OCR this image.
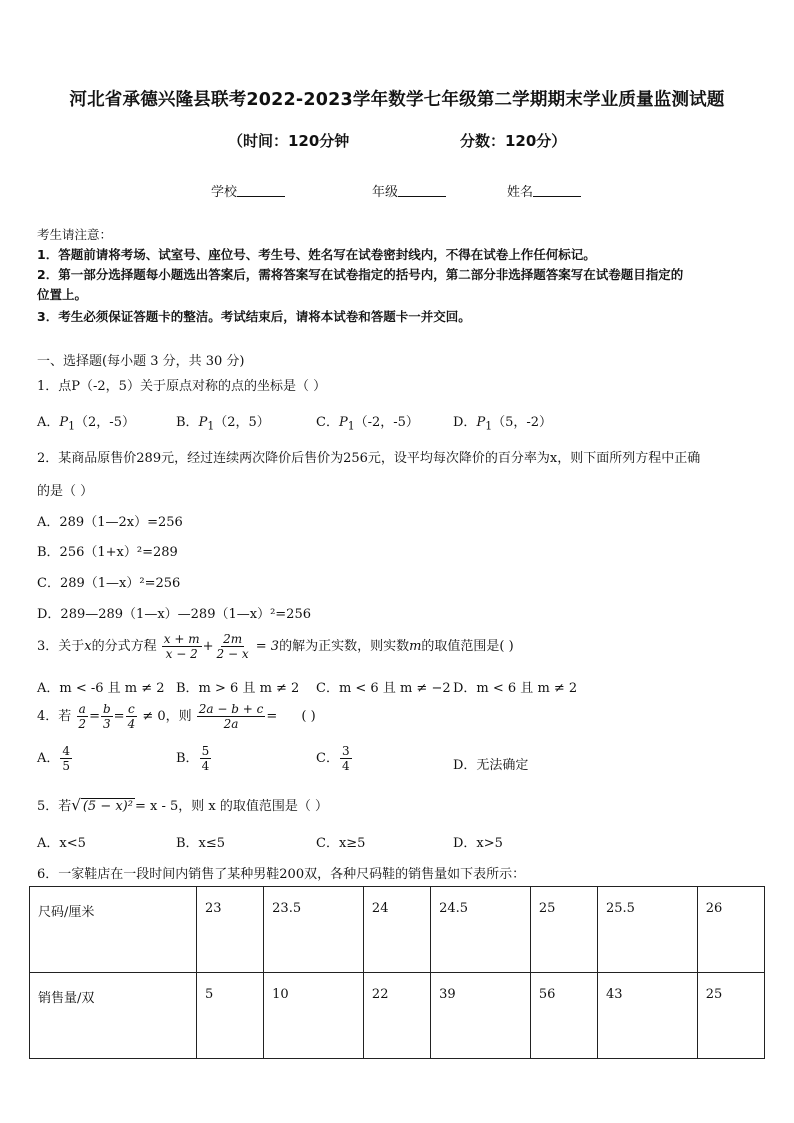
河北省承德兴隆县联考2022-2023学年数学七年级第二学期期末学业质量监测试题
（时间：120分钟	分数：120分）
学校	年级	姓名
考生请注意：
1．答题前请将考场、试室号、座位号、考生号、姓名写在试卷密封线内，不得在试卷上作任何标记。
2．第一部分选择题每小题选出答案后，需将答案写在试卷指定的括号内，第二部分非选择题答案写在试卷题目指定的
位置上。
3．考生必须保证答题卡的整洁。考试结束后，请将本试卷和答题卡一并交回。
一、选择题(每小题 3 分，共 30 分)
1．点P（-2，5）关于原点对称的点的坐标是（ ）
A．$P_1(2$，-5）	B．$P_1(2$，5）	C．$P_1(-2$，-5）	D．$P_1(5$，-2）
2．某商品原售价289元，经过连续两次降价后售价为256元，设平均每次降价的百分率为x，则下面所列方程中正确
的是（ ）
A．289（1—2x）=256
B．256（1+x）²=289
C．289（1—x）²=256
D．289—289（1—x）—289（1—x）²=256
3．关于x的分式方程 $\frac{x + m}{x - 2} + \frac{2m}{2 - x} = 3$的解为正实数，则实数m的取值范围是( )
A．m < -6 且 m ≠ 2 B．m > 6 且 m ≠ 2 C．m < 6 且 m ≠ −2 D．m < 6 且 m ≠ 2
4．若 $\frac{a}{2} = \frac{b}{3} = \frac{c}{4} \ne 0$，则 $\frac{2a - b + c}{2a}$ = ( )
A． $\frac{4}{5}$	B． $\frac{5}{4}$	C． $\frac{3}{4}$	D．无法确定
5．若√ (5 − x)² = x - 5，则 x 的取值范围是（ ）
A．x<5	B．x≤5	C．x≥5	D．x>5
6．一家鞋店在一段时间内销售了某种男鞋200双，各种尺码鞋的销售量如下表所示：
尺码/厘米	23	23.5	24	24.5	25	25.5	26
销售量/双	5	10	22	39	56	43	25
